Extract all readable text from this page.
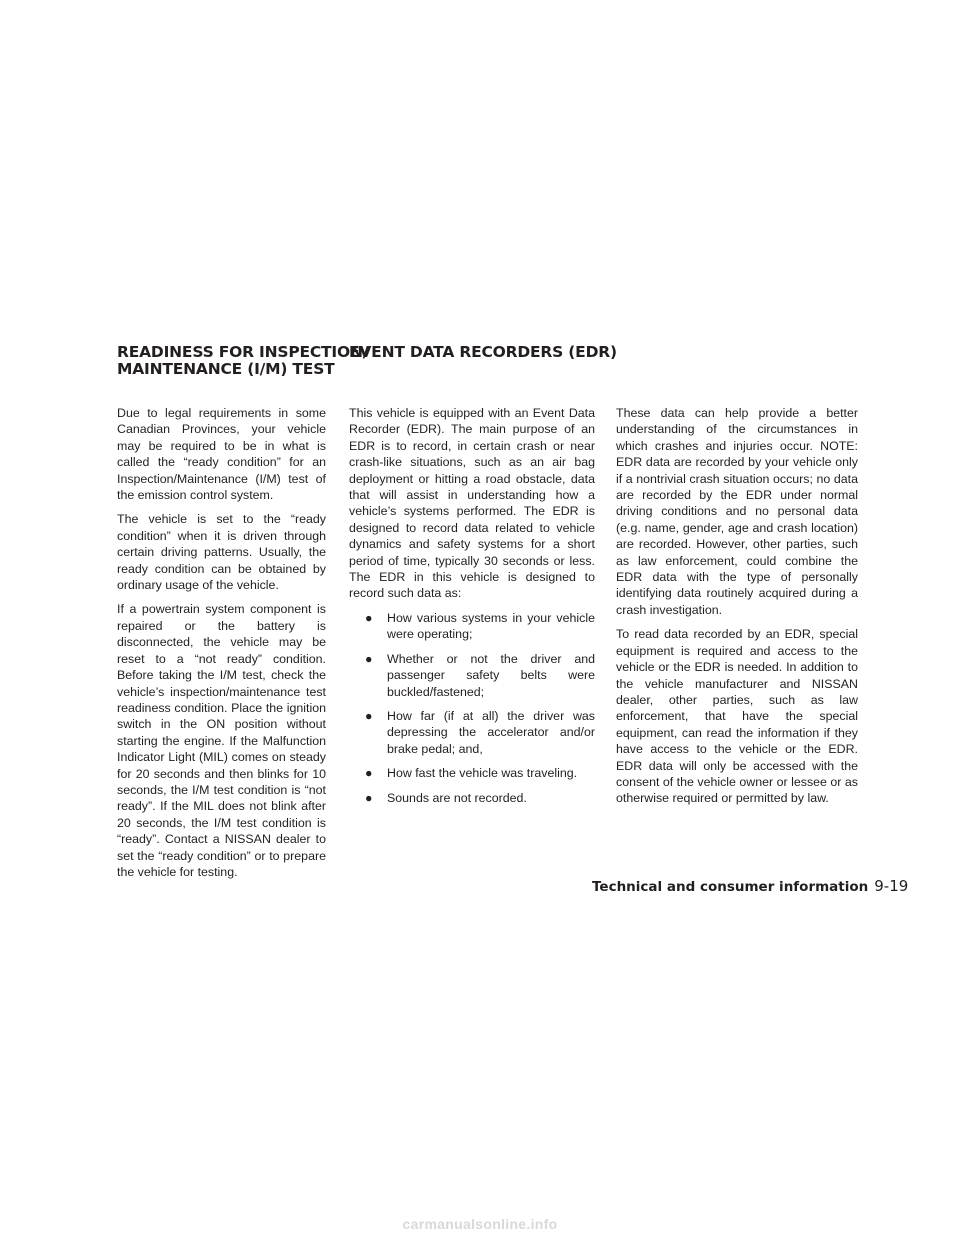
READINESS FOR INSPECTION/
MAINTENANCE (I/M) TEST
EVENT DATA RECORDERS (EDR)

Due to legal requirements in some Canadian Provinces, your vehicle may be required to be in what is called the “ready condition” for an Inspection/Maintenance (I/M) test of the emission control system.

The vehicle is set to the “ready condition” when it is driven through certain driving patterns. Usually, the ready condition can be obtained by ordinary usage of the vehicle.

If a powertrain system component is repaired or the battery is disconnected, the vehicle may be reset to a “not ready” condition. Before taking the I/M test, check the vehicle’s inspection/maintenance test readiness condition. Place the ignition switch in the ON position without starting the engine. If the Malfunction Indicator Light (MIL) comes on steady for 20 seconds and then blinks for 10 seconds, the I/M test condition is “not ready”. If the MIL does not blink after 20 seconds, the I/M test condition is “ready”. Contact a NISSAN dealer to set the “ready condition” or to prepare the vehicle for testing.

This vehicle is equipped with an Event Data Recorder (EDR). The main purpose of an EDR is to record, in certain crash or near crash-like situations, such as an air bag deployment or hitting a road obstacle, data that will assist in understanding how a vehicle’s systems performed. The EDR is designed to record data related to vehicle dynamics and safety systems for a short period of time, typically 30 seconds or less. The EDR in this vehicle is designed to record such data as:

● How various systems in your vehicle were operating;
● Whether or not the driver and passenger safety belts were buckled/fastened;
● How far (if at all) the driver was depressing the accelerator and/or brake pedal; and,
● How fast the vehicle was traveling.
● Sounds are not recorded.

These data can help provide a better understanding of the circumstances in which crashes and injuries occur. NOTE: EDR data are recorded by your vehicle only if a nontrivial crash situation occurs; no data are recorded by the EDR under normal driving conditions and no personal data (e.g. name, gender, age and crash location) are recorded. However, other parties, such as law enforcement, could combine the EDR data with the type of personally identifying data routinely acquired during a crash investigation.

To read data recorded by an EDR, special equipment is required and access to the vehicle or the EDR is needed. In addition to the vehicle manufacturer and NISSAN dealer, other parties, such as law enforcement, that have the special equipment, can read the information if they have access to the vehicle or the EDR. EDR data will only be accessed with the consent of the vehicle owner or lessee or as otherwise required or permitted by law.

Technical and consumer information 9-19
carmanualsonline.info
